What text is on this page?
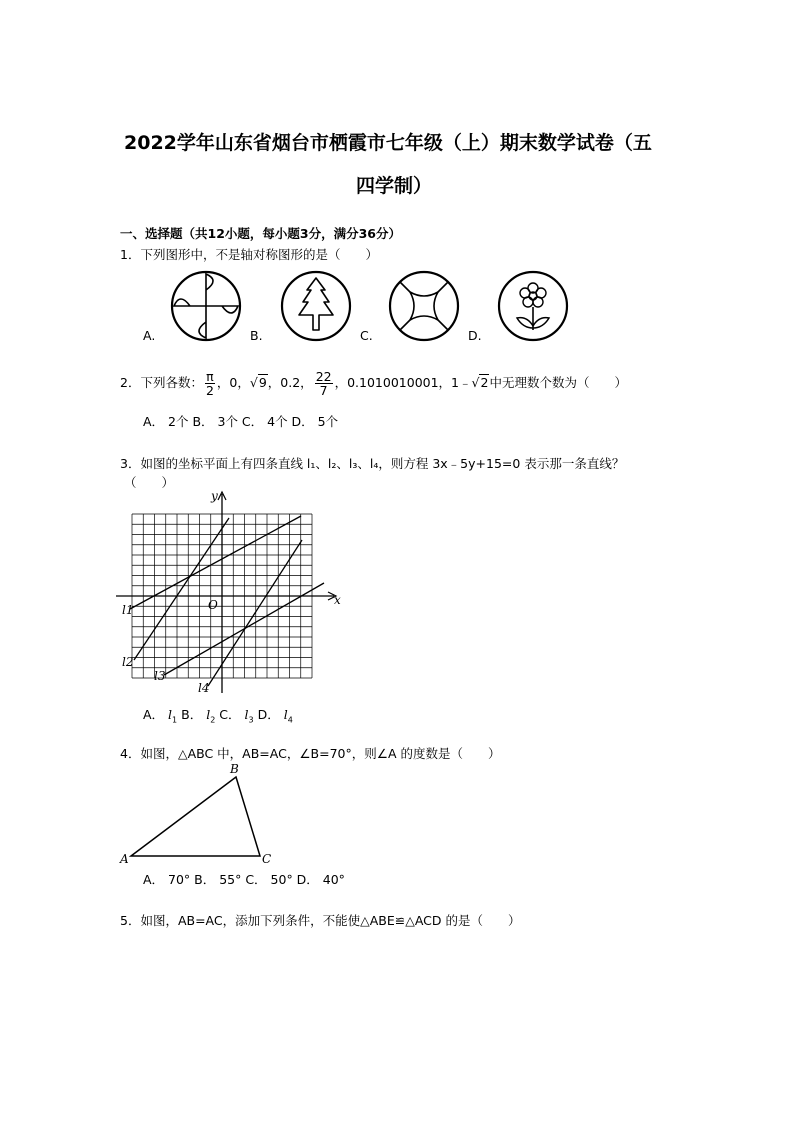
2022学年山东省烟台市栖霞市七年级（上）期末数学试卷（五
四学制）
一、选择题（共12小题，每小题3分，满分36分）
1．下列图形中，不是轴对称图形的是（　　）
A.	B.	C.	D.
2．下列各数： $\frac{\pi}{2}$ ，0，√9，0.2， $\frac{22}{7}$ ，0.1010010001，1﹣√2中无理数个数为（　　）
A． 2个 B． 3个 C． 4个 D． 5个
3．如图的坐标平面上有四条直线 l₁、l₂、l₃、l₄，则方程 3x﹣5y+15=0 表示那一条直线？
（　　）
x
y
O
l1
l2
l3
l4
A． $l_1$ B． $l_2$ C． $l_3$ D． $l_4$
4．如图，△ABC 中，AB=AC，∠B=70°，则∠A 的度数是（　　）
A
B
C
A． 70° B． 55° C． 50° D． 40°
5．如图，AB=AC，添加下列条件，不能使△ABE≌△ACD 的是（　　）
